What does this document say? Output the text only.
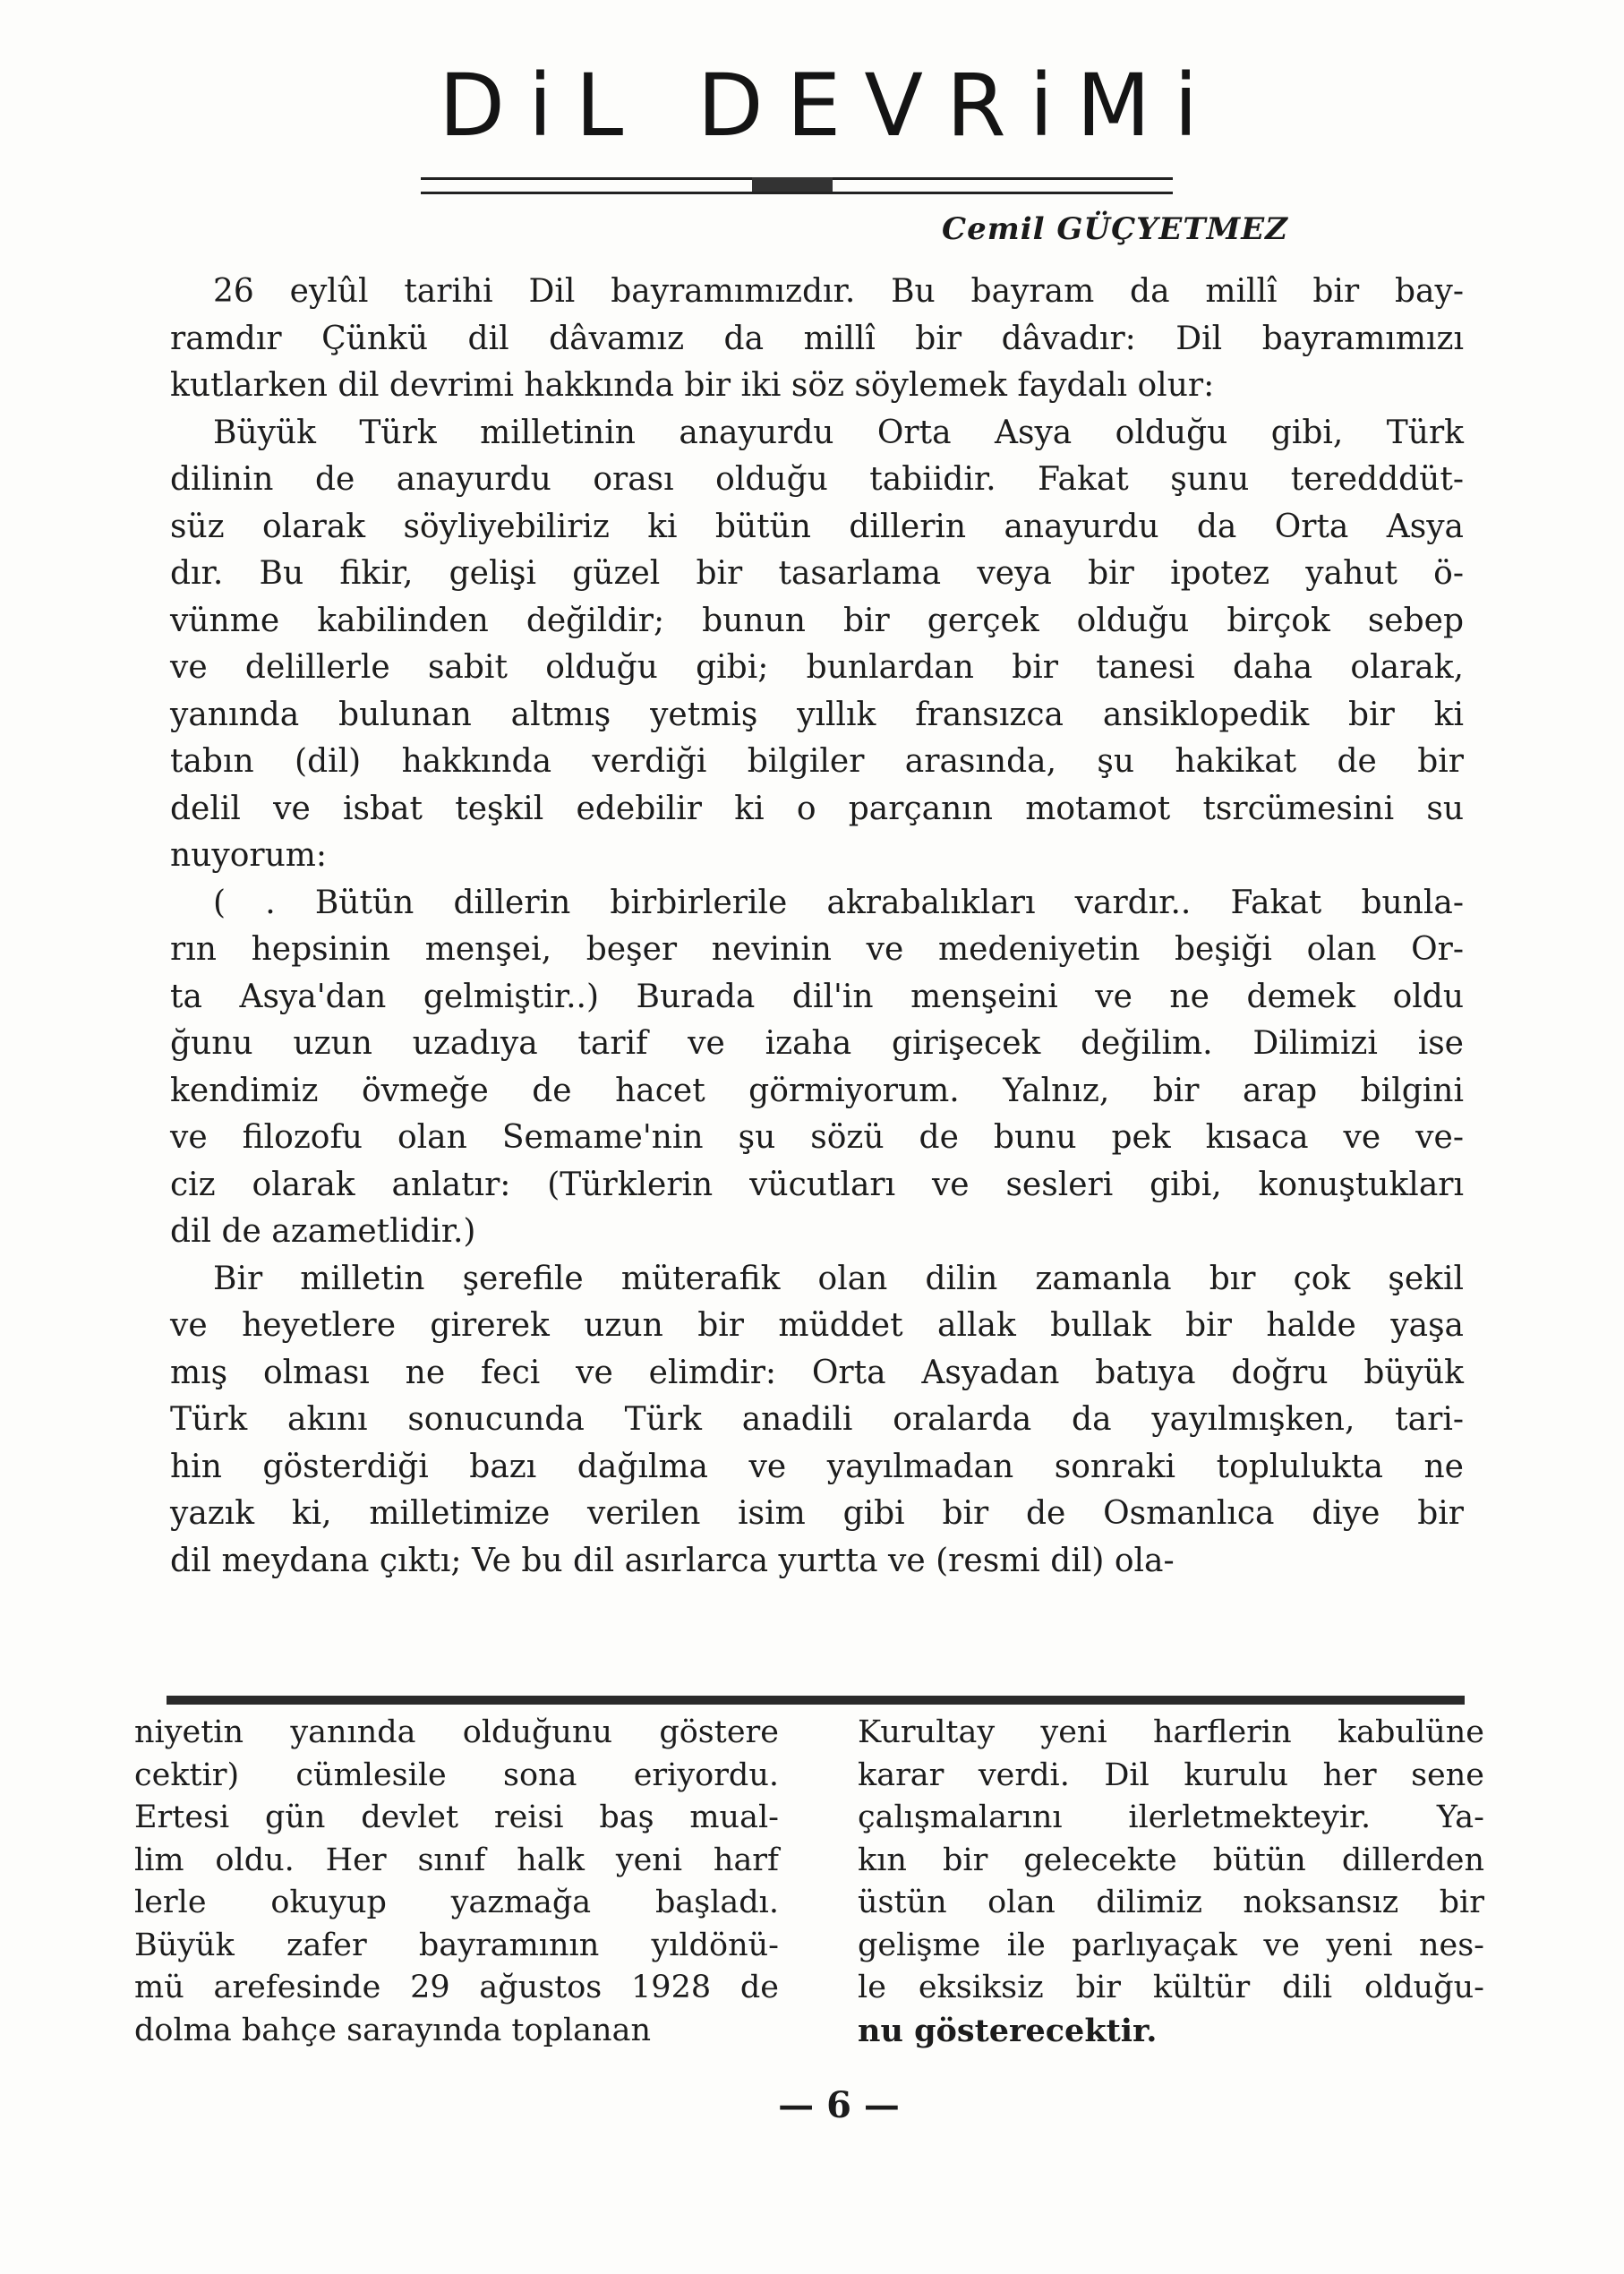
DiL DEVRiMi
Cemil GÜÇYETMEZ
26 eylûl tarihi Dil bayramımızdır. Bu bayram da millî bir bay-
ramdır Çünkü dil dâvamız da millî bir dâvadır: Dil bayramımızı
kutlarken dil devrimi hakkında bir iki söz söylemek faydalı olur:
Büyük Türk milletinin anayurdu Orta Asya olduğu gibi, Türk
dilinin de anayurdu orası olduğu tabiidir. Fakat şunu teredddüt-
süz olarak söyliyebiliriz ki bütün dillerin anayurdu da Orta Asya
dır. Bu fikir, gelişi güzel bir tasarlama veya bir ipotez yahut ö-
vünme kabilinden değildir; bunun bir gerçek olduğu birçok sebep
ve delillerle sabit olduğu gibi; bunlardan bir tanesi daha olarak,
yanında bulunan altmış yetmiş yıllık fransızca ansiklopedik bir ki
tabın (dil) hakkında verdiği bilgiler arasında, şu hakikat de bir
delil ve isbat teşkil edebilir ki o parçanın motamot tsrcümesini su
nuyorum:
( . Bütün dillerin birbirlerile akrabalıkları vardır.. Fakat bunla-
rın hepsinin menşei, beşer nevinin ve medeniyetin beşiği olan Or-
ta Asya'dan gelmiştir..) Burada dil'in menşeini ve ne demek oldu
ğunu uzun uzadıya tarif ve izaha girişecek değilim. Dilimizi ise
kendimiz övmeğe de hacet görmiyorum. Yalnız, bir arap bilgini
ve filozofu olan Semame'nin şu sözü de bunu pek kısaca ve ve-
ciz olarak anlatır: (Türklerin vücutları ve sesleri gibi, konuştukları
dil de azametlidir.)
Bir milletin şerefile müterafik olan dilin zamanla bır çok şekil
ve heyetlere girerek uzun bir müddet allak bullak bir halde yaşa
mış olması ne feci ve elimdir: Orta Asyadan batıya doğru büyük
Türk akını sonucunda Türk anadili oralarda da yayılmışken, tari-
hin gösterdiği bazı dağılma ve yayılmadan sonraki toplulukta ne
yazık ki, milletimize verilen isim gibi bir de Osmanlıca diye bir
dil meydana çıktı; Ve bu dil asırlarca yurtta ve (resmi dil) ola-
niyetin yanında olduğunu göstere
cektir) cümlesile sona eriyordu.
Ertesi gün devlet reisi baş mual-
lim oldu. Her sınıf halk yeni harf
lerle okuyup yazmağa başladı.
Büyük zafer bayramının yıldönü-
mü arefesinde 29 ağustos 1928 de
dolma bahçe sarayında toplanan
Kurultay yeni harflerin kabulüne
karar verdi. Dil kurulu her sene
çalışmalarını ilerletmekteyir. Ya-
kın bir gelecekte bütün dillerden
üstün olan dilimiz noksansız bir
gelişme ile parlıyaçak ve yeni nes-
le eksiksiz bir kültür dili olduğu-
nu gösterecektir.
— 6 —
